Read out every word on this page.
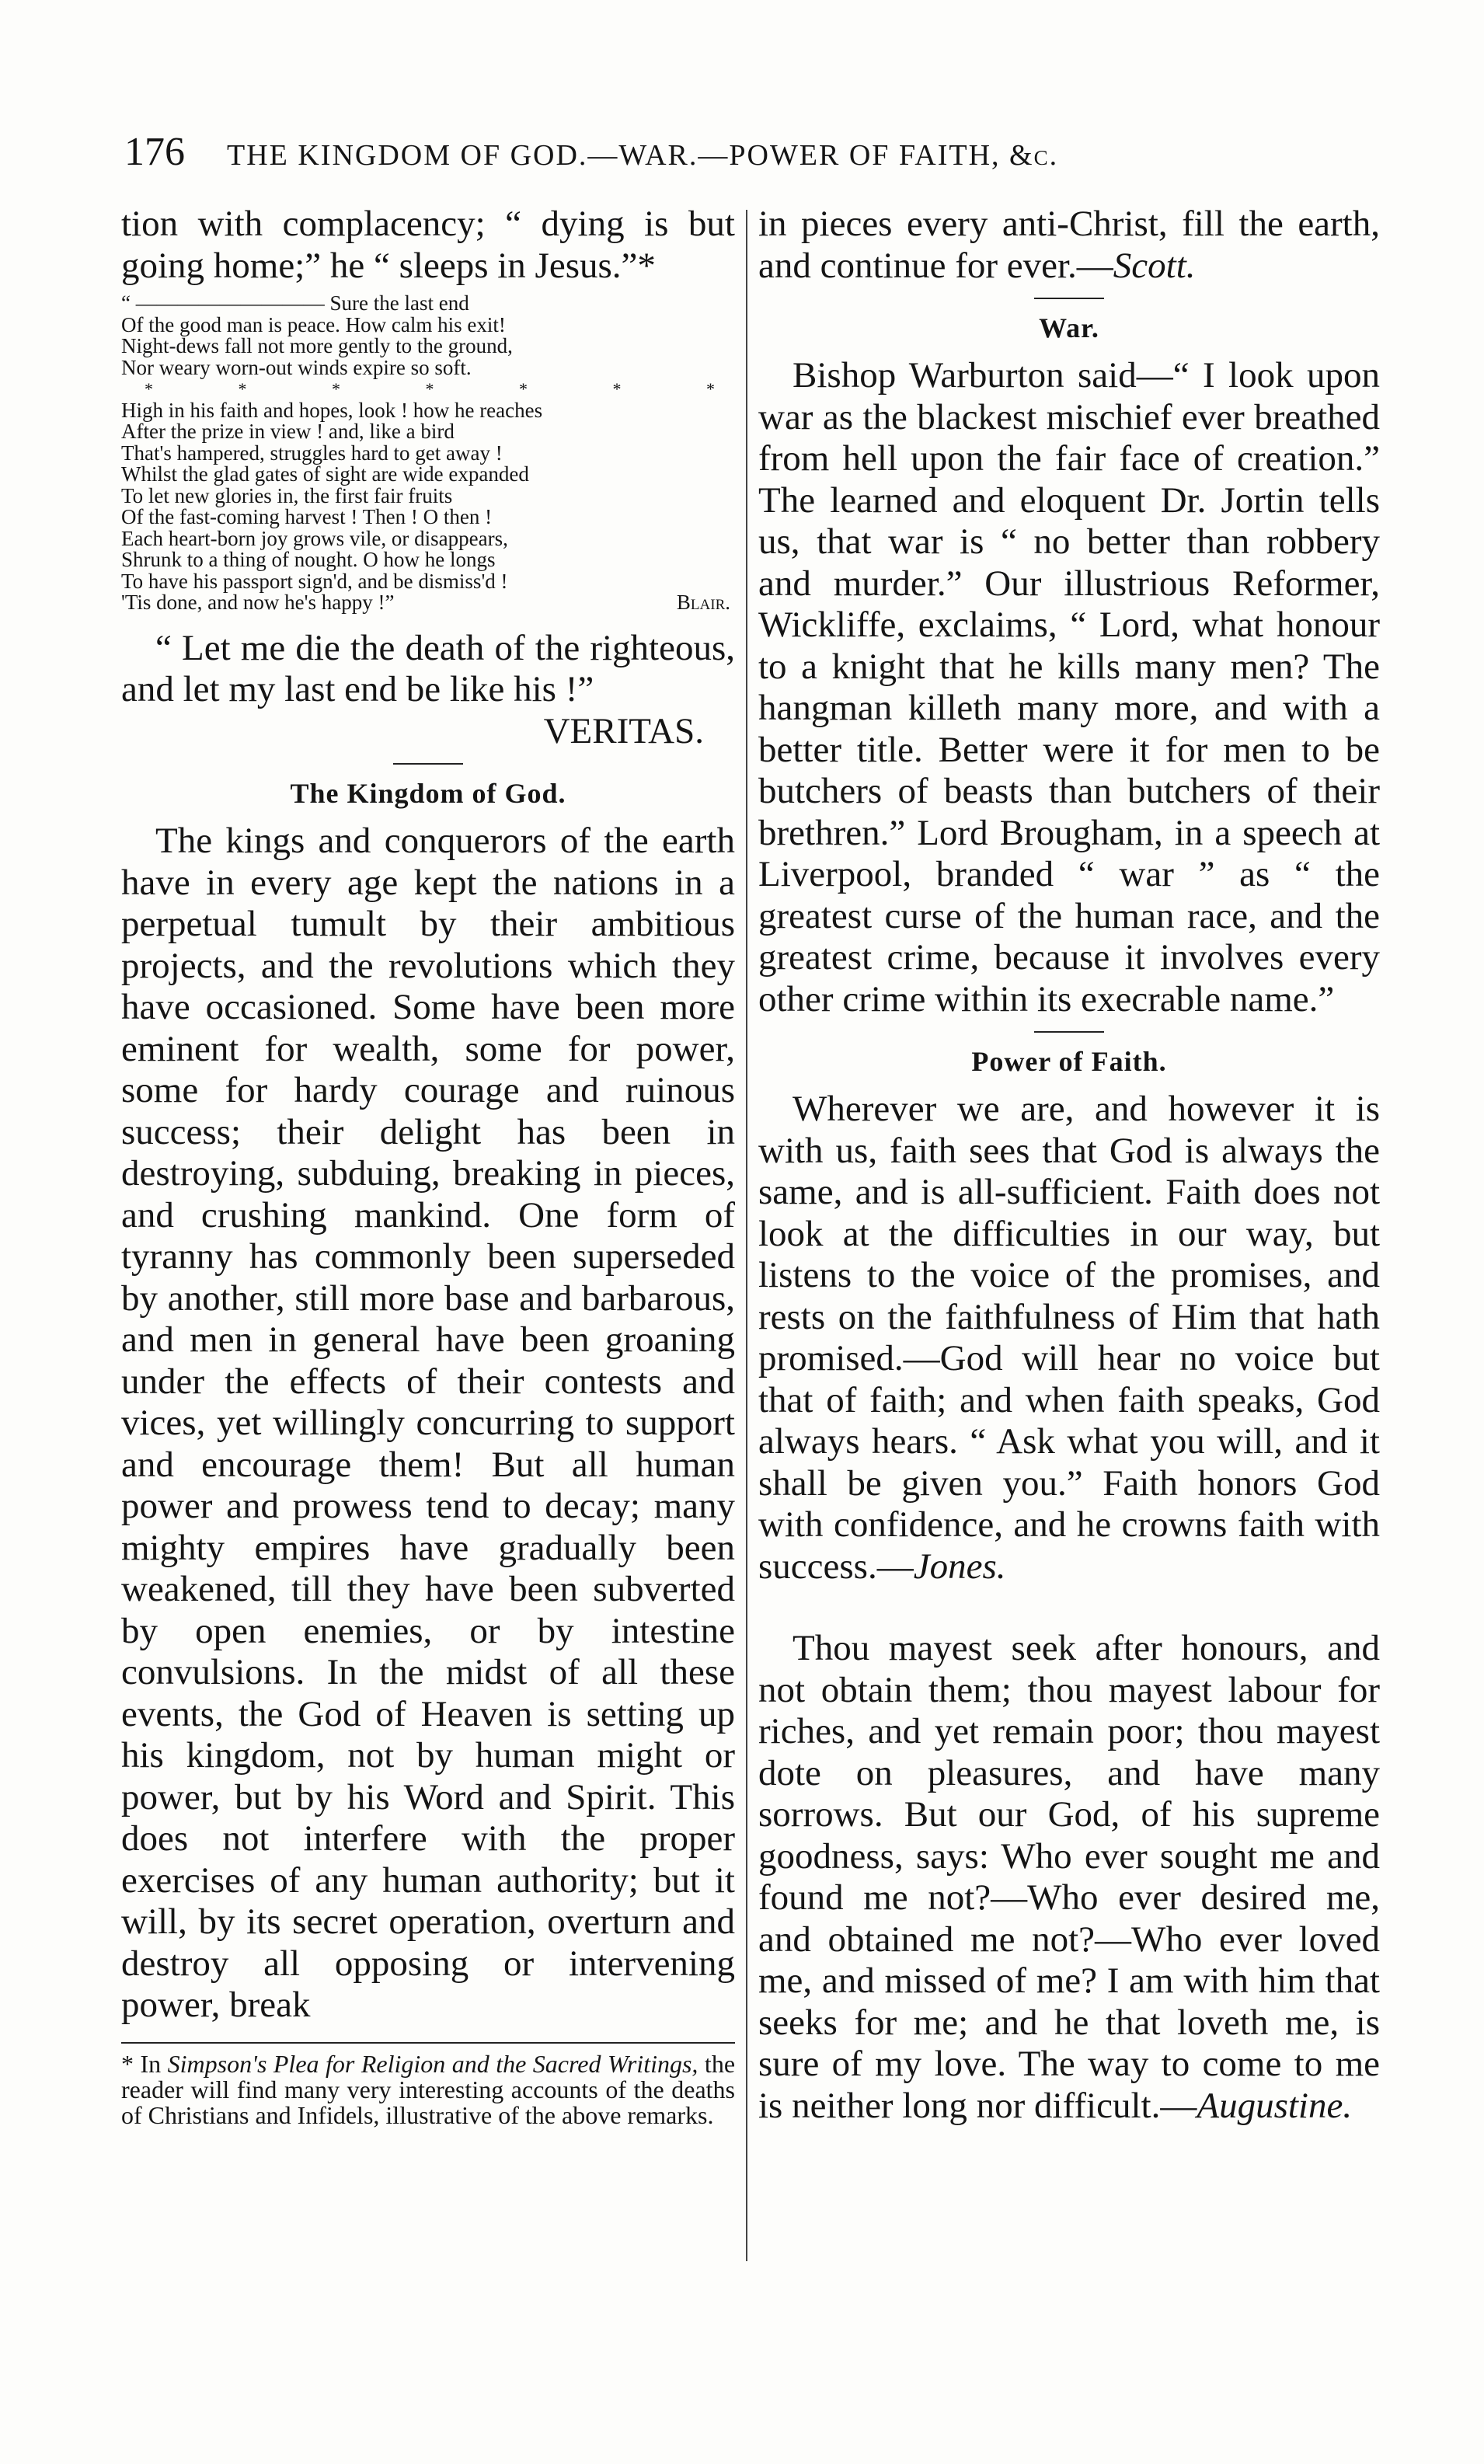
176 THE KINGDOM OF GOD.—WAR.—POWER OF FAITH, &c.

tion with complacency; “ dying is but going home;” he “ sleeps in Jesus.”*

“ ————————— Sure the last end
Of the good man is peace. How calm his exit!
Night-dews fall not more gently to the ground,
Nor weary worn-out winds expire so soft.
* * * * * * *
High in his faith and hopes, look ! how he reaches
After the prize in view ! and, like a bird
That's hampered, struggles hard to get away !
Whilst the glad gates of sight are wide expanded
To let new glories in, the first fair fruits
Of the fast-coming harvest ! Then ! O then !
Each heart-born joy grows vile, or disappears,
Shrunk to a thing of nought. O how he longs
To have his passport sign'd, and be dismiss'd !
'Tis done, and now he's happy !”	Blair.

“ Let me die the death of the righteous, and let my last end be like his !”

VERITAS.
The Kingdom of God.

The kings and conquerors of the earth have in every age kept the nations in a perpetual tumult by their ambitious projects, and the revolutions which they have occasioned. Some have been more eminent for wealth, some for power, some for hardy courage and ruinous success; their delight has been in destroying, subduing, breaking in pieces, and crushing mankind. One form of tyranny has commonly been superseded by another, still more base and barbarous, and men in general have been groaning under the effects of their contests and vices, yet willingly concurring to support and encourage them! But all human power and prowess tend to decay; many mighty empires have gradually been weakened, till they have been subverted by open enemies, or by intestine convulsions. In the midst of all these events, the God of Heaven is setting up his kingdom, not by human might or power, but by his Word and Spirit. This does not interfere with the proper exercises of any human authority; but it will, by its secret operation, overturn and destroy all opposing or intervening power, break

* In Simpson's Plea for Religion and the Sacred Writings, the reader will find many very interesting accounts of the deaths of Christians and Infidels, illustrative of the above remarks.

in pieces every anti-Christ, fill the earth, and continue for ever.—Scott.

War.

Bishop Warburton said—“ I look upon war as the blackest mischief ever breathed from hell upon the fair face of creation.” The learned and eloquent Dr. Jortin tells us, that war is “ no better than robbery and murder.” Our illustrious Reformer, Wickliffe, exclaims, “ Lord, what honour to a knight that he kills many men? The hangman killeth many more, and with a better title. Better were it for men to be butchers of beasts than butchers of their brethren.” Lord Brougham, in a speech at Liverpool, branded “ war ” as “ the greatest curse of the human race, and the greatest crime, because it involves every other crime within its execrable name.”

Power of Faith.

Wherever we are, and however it is with us, faith sees that God is always the same, and is all-sufficient. Faith does not look at the difficulties in our way, but listens to the voice of the promises, and rests on the faithfulness of Him that hath promised.—God will hear no voice but that of faith; and when faith speaks, God always hears. “ Ask what you will, and it shall be given you.” Faith honors God with confidence, and he crowns faith with success.—Jones.

Thou mayest seek after honours, and not obtain them; thou mayest labour for riches, and yet remain poor; thou mayest dote on pleasures, and have many sorrows. But our God, of his supreme goodness, says: Who ever sought me and found me not?—Who ever desired me, and obtained me not?—Who ever loved me, and missed of me? I am with him that seeks for me; and he that loveth me, is sure of my love. The way to come to me is neither long nor difficult.—Augustine.
